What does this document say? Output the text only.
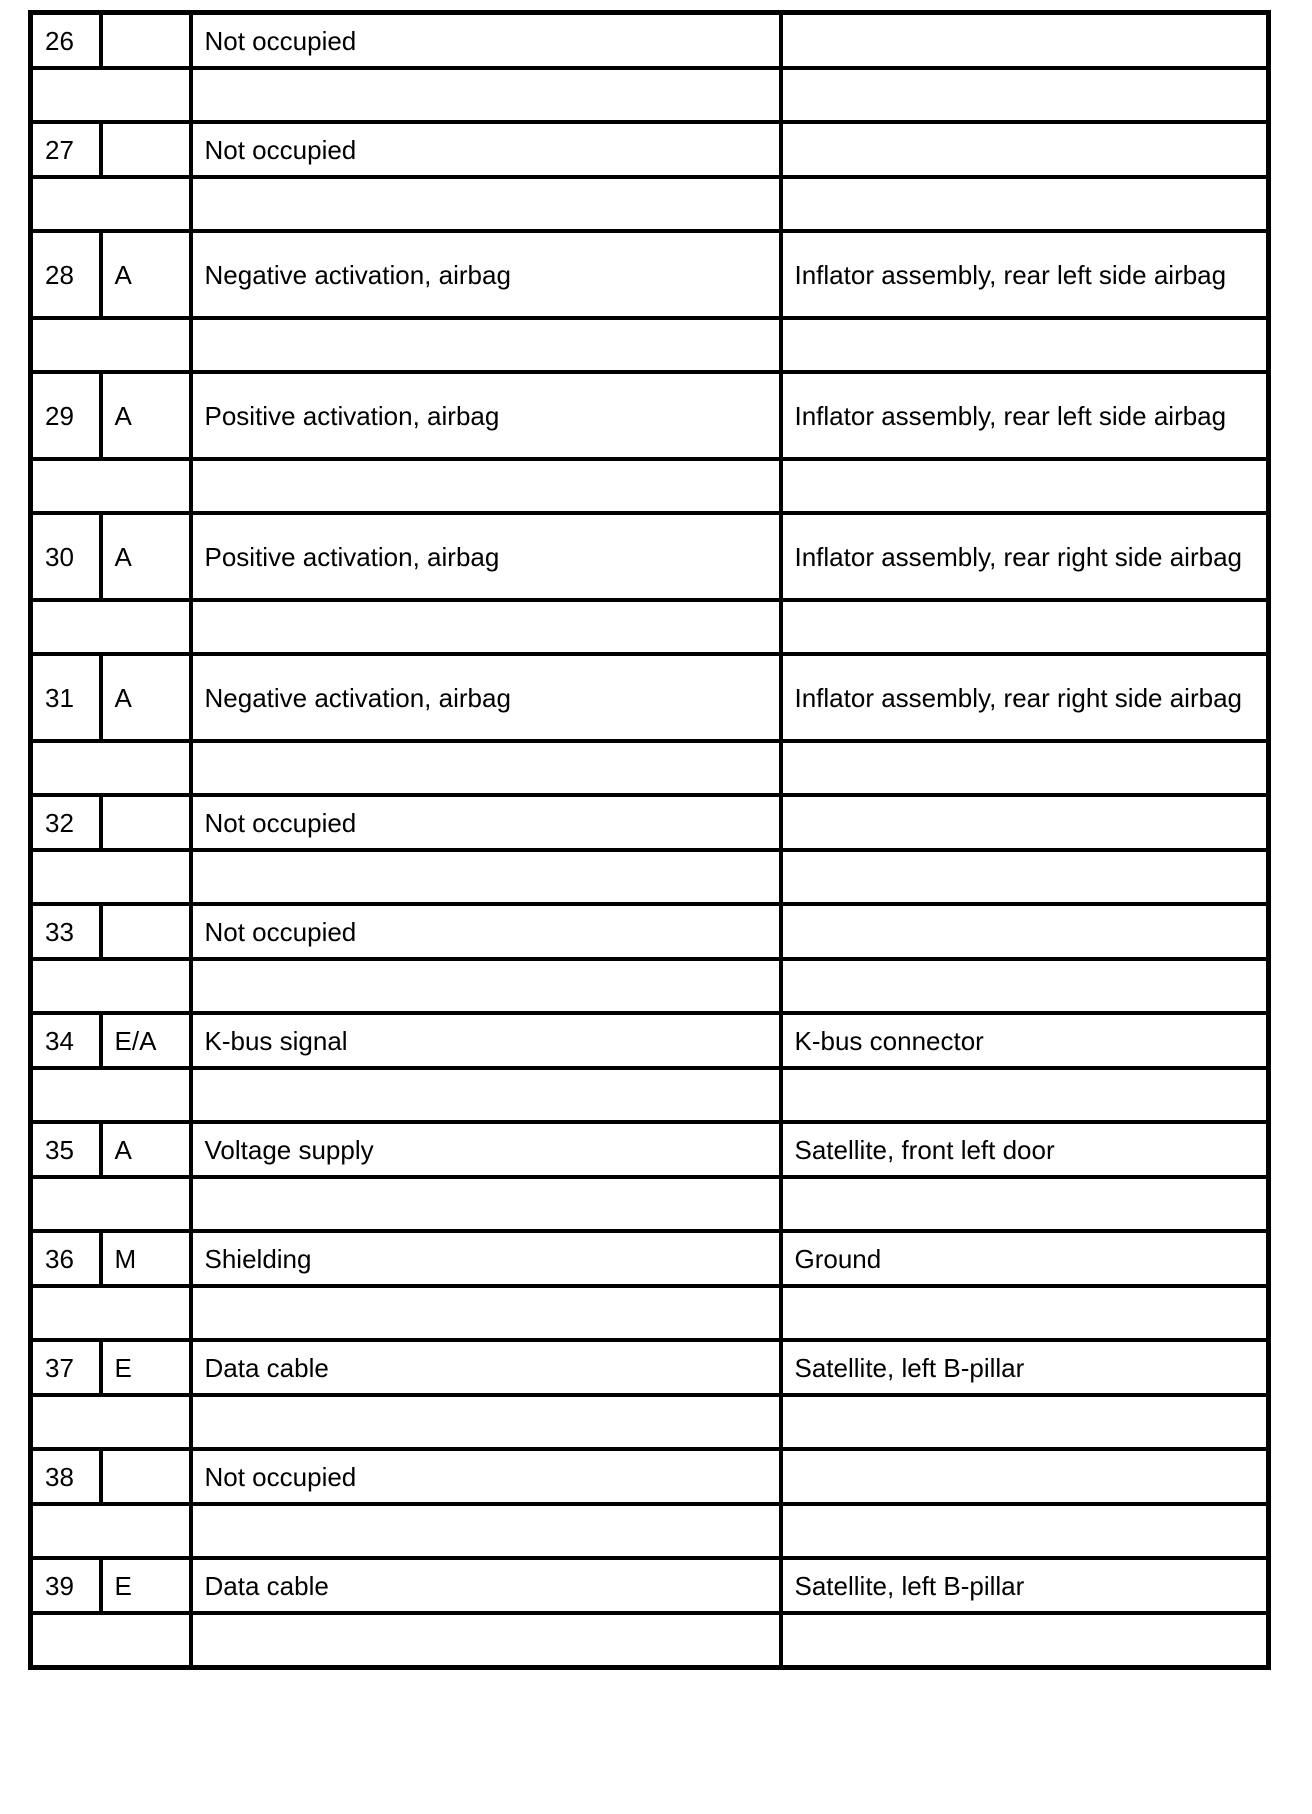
26		Not occupied	

27		Not occupied	

28	A	Negative activation, airbag	Inflator assembly, rear left side airbag

29	A	Positive activation, airbag	Inflator assembly, rear left side airbag

30	A	Positive activation, airbag	Inflator assembly, rear right side airbag

31	A	Negative activation, airbag	Inflator assembly, rear right side airbag

32		Not occupied	

33		Not occupied	

34	E/A	K-bus signal	K-bus connector

35	A	Voltage supply	Satellite, front left door

36	M	Shielding	Ground

37	E	Data cable	Satellite, left B-pillar

38		Not occupied	

39	E	Data cable	Satellite, left B-pillar
